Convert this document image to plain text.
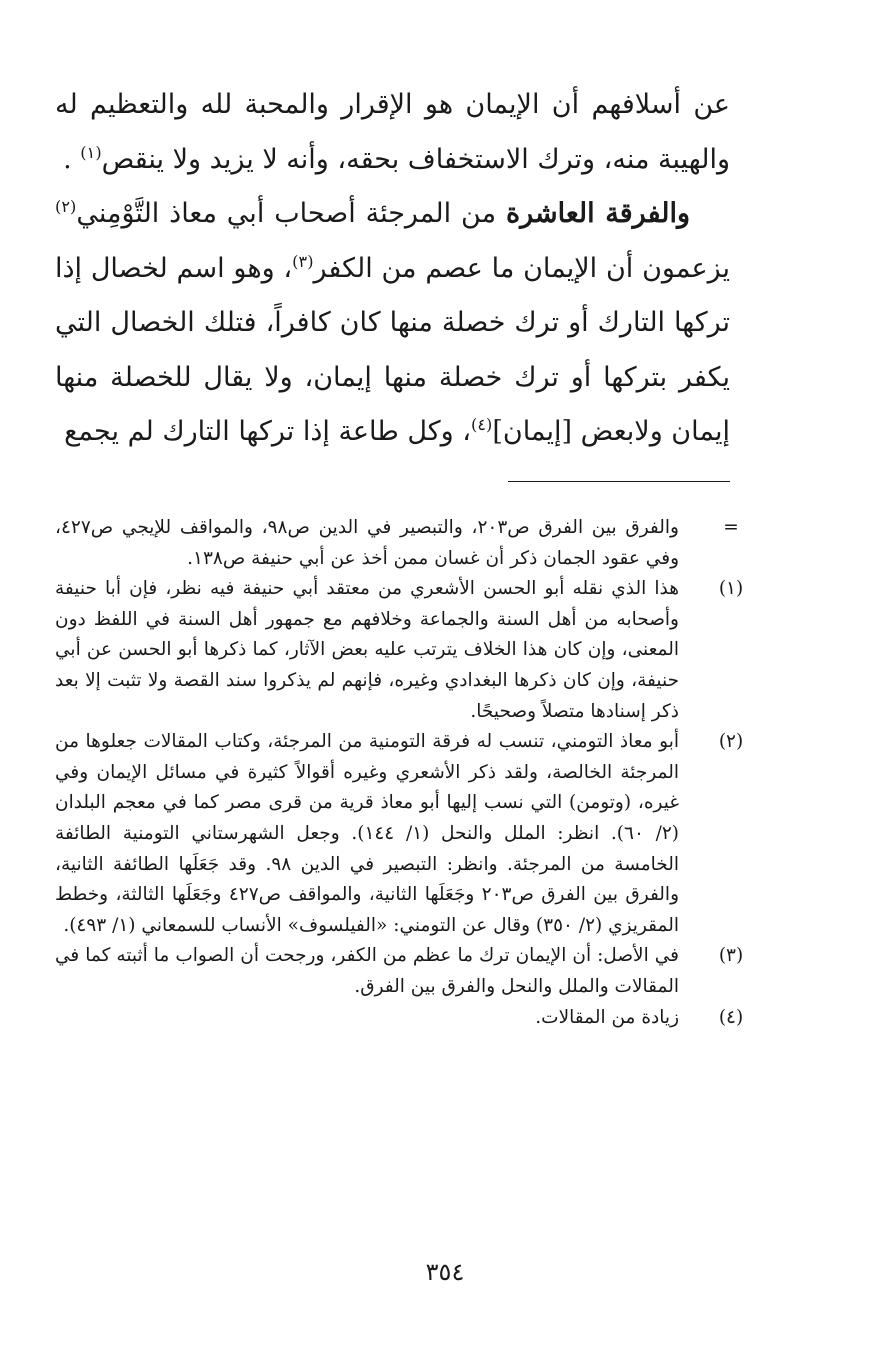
عن أسلافهم أن الإيمان هو الإقرار والمحبة لله والتعظيم له والهيبة منه، وترك الاستخفاف بحقه، وأنه لا يزيد ولا ينقص$^{(١)}$ .

والفرقة العاشرة من المرجئة أصحاب أبي معاذ التَّوْمِني$^{(٢)}$ يزعمون أن الإيمان ما عصم من الكفر$^{(٣)}$، وهو اسم لخصال إذا تركها التارك أو ترك خصلة منها كان كافراً، فتلك الخصال التي يكفر بتركها أو ترك خصلة منها إيمان، ولا يقال للخصلة منها إيمان ولابعض [إيمان]$^{(٤)}$، وكل طاعة إذا تركها التارك لم يجمع

=
والفرق بين الفرق ص٢٠٣، والتبصير في الدين ص٩٨، والمواقف للإيجي ص٤٢٧، وفي عقود الجمان ذكر أن غسان ممن أخذ عن أبي حنيفة ص١٣٨.

(١)
هذا الذي نقله أبو الحسن الأشعري من معتقد أبي حنيفة فيه نظر، فإن أبا حنيفة وأصحابه من أهل السنة والجماعة وخلافهم مع جمهور أهل السنة في اللفظ دون المعنى، وإن كان هذا الخلاف يترتب عليه بعض الآثار، كما ذكرها أبو الحسن عن أبي حنيفة، وإن كان ذكرها البغدادي وغيره، فإنهم لم يذكروا سند القصة ولا تثبت إلا بعد ذكر إسنادها متصلاً وصحيحًا.

(٢)
أبو معاذ التومني، تنسب له فرقة التومنية من المرجئة، وكتاب المقالات جعلوها من المرجئة الخالصة، ولقد ذكر الأشعري وغيره أقوالاً كثيرة في مسائل الإيمان وفي غيره، (وتومن) التي نسب إليها أبو معاذ قرية من قرى مصر كما في معجم البلدان (٢/ ٦٠). انظر: الملل والنحل (١/ ١٤٤). وجعل الشهرستاني التومنية الطائفة الخامسة من المرجئة. وانظر: التبصير في الدين ٩٨. وقد جَعَلَها الطائفة الثانية، والفرق بين الفرق ص٢٠٣ وجَعَلَها الثانية، والمواقف ص٤٢٧ وجَعَلَها الثالثة، وخطط المقريزي (٢/ ٣٥٠) وقال عن التومني: «الفيلسوف» الأنساب للسمعاني (١/ ٤٩٣).

(٣)
في الأصل: أن الإيمان ترك ما عظم من الكفر، ورجحت أن الصواب ما أثبته كما في المقالات والملل والنحل والفرق بين الفرق.

(٤)
زيادة من المقالات.

٣٥٤
